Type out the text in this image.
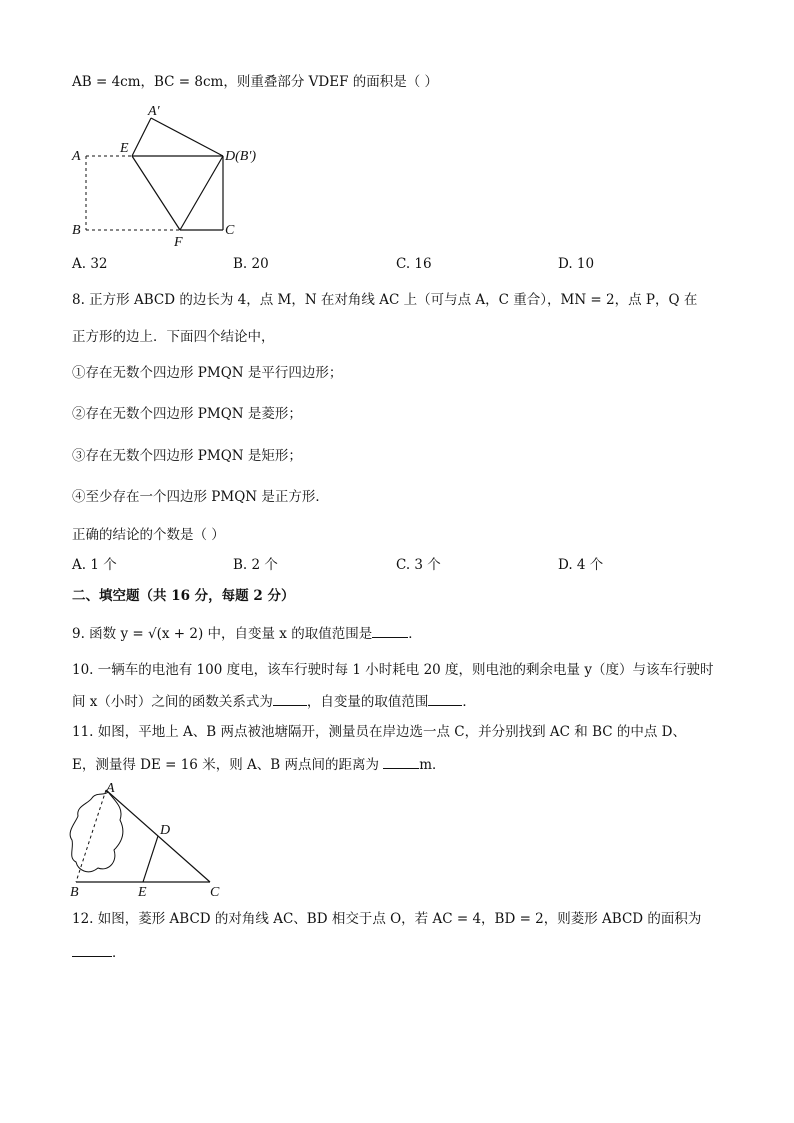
AB = 4cm，BC = 8cm，则重叠部分 VDEF 的面积是（ ）
A
B	C
D(B′)
E
F
A′
A. 32	B. 20	C. 16	D. 10
8. 正方形 ABCD 的边长为 4，点 M，N 在对角线 AC 上（可与点 A，C 重合），MN = 2，点 P，Q 在
正方形的边上．下面四个结论中，
①存在无数个四边形 PMQN 是平行四边形；
②存在无数个四边形 PMQN 是菱形；
③存在无数个四边形 PMQN 是矩形；
④至少存在一个四边形 PMQN 是正方形．
正确的结论的个数是（ ）
A. 1 个	B. 2 个	C. 3 个	D. 4 个
二、填空题（共 16 分，每题 2 分）
9. 函数 y = √(x + 2) 中，自变量 x 的取值范围是	．
10. 一辆车的电池有 100 度电，该车行驶时每 1 小时耗电 20 度，则电池的剩余电量 y（度）与该车行驶时
间 x（小时）之间的函数关系式为	，自变量的取值范围	．
11. 如图，平地上 A、B 两点被池塘隔开，测量员在岸边选一点 C，并分别找到 AC 和 BC 的中点 D、
E，测量得 DE = 16 米，则 A、B 两点间的距离为	m．
A
B	C
D
E
12. 如图，菱形 ABCD 的对角线 AC、BD 相交于点 O，若 AC = 4，BD = 2，则菱形 ABCD 的面积为
．
